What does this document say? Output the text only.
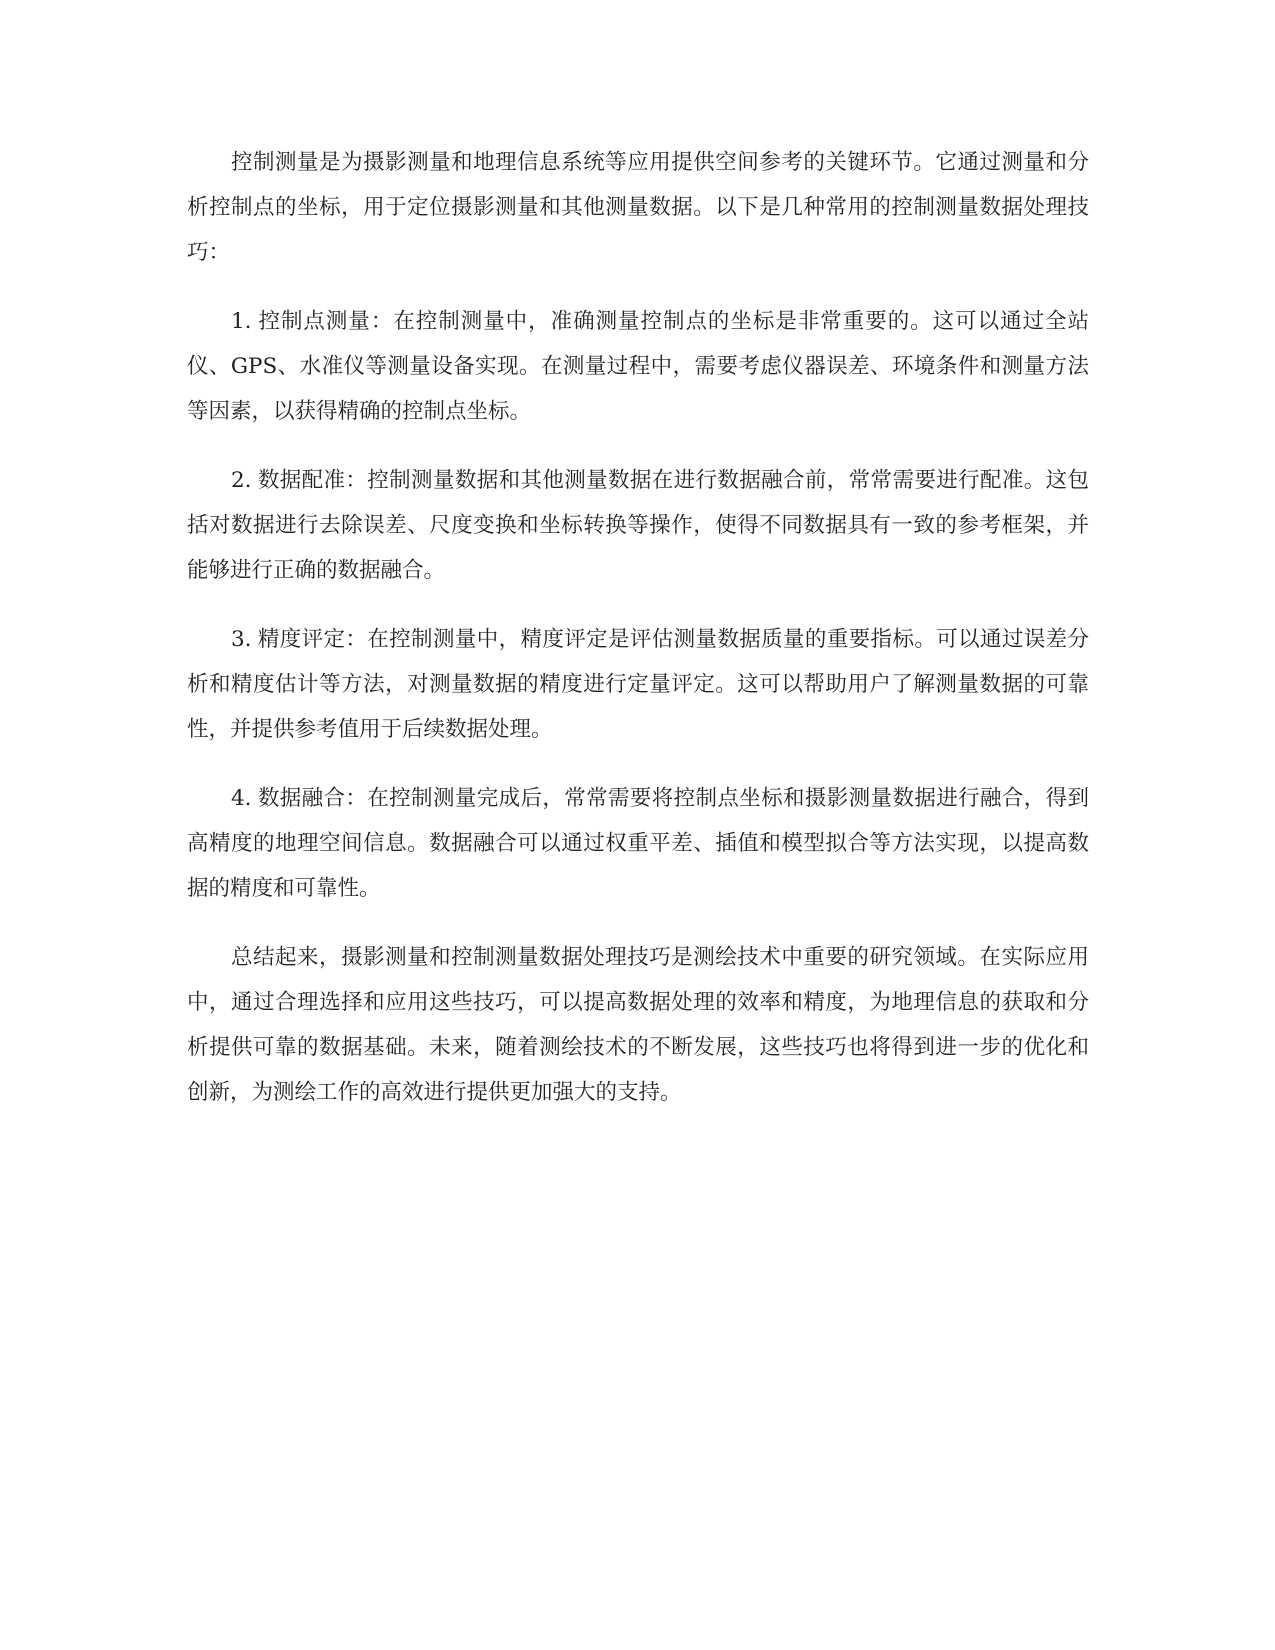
控制测量是为摄影测量和地理信息系统等应用提供空间参考的关键环节。它通过测量和分析控制点的坐标，用于定位摄影测量和其他测量数据。以下是几种常用的控制测量数据处理技巧：

1. 控制点测量：在控制测量中，准确测量控制点的坐标是非常重要的。这可以通过全站仪、GPS、水准仪等测量设备实现。在测量过程中，需要考虑仪器误差、环境条件和测量方法等因素，以获得精确的控制点坐标。

2. 数据配准：控制测量数据和其他测量数据在进行数据融合前，常常需要进行配准。这包括对数据进行去除误差、尺度变换和坐标转换等操作，使得不同数据具有一致的参考框架，并能够进行正确的数据融合。

3. 精度评定：在控制测量中，精度评定是评估测量数据质量的重要指标。可以通过误差分析和精度估计等方法，对测量数据的精度进行定量评定。这可以帮助用户了解测量数据的可靠性，并提供参考值用于后续数据处理。

4. 数据融合：在控制测量完成后，常常需要将控制点坐标和摄影测量数据进行融合，得到高精度的地理空间信息。数据融合可以通过权重平差、插值和模型拟合等方法实现，以提高数据的精度和可靠性。

总结起来，摄影测量和控制测量数据处理技巧是测绘技术中重要的研究领域。在实际应用中，通过合理选择和应用这些技巧，可以提高数据处理的效率和精度，为地理信息的获取和分析提供可靠的数据基础。未来，随着测绘技术的不断发展，这些技巧也将得到进一步的优化和创新，为测绘工作的高效进行提供更加强大的支持。
